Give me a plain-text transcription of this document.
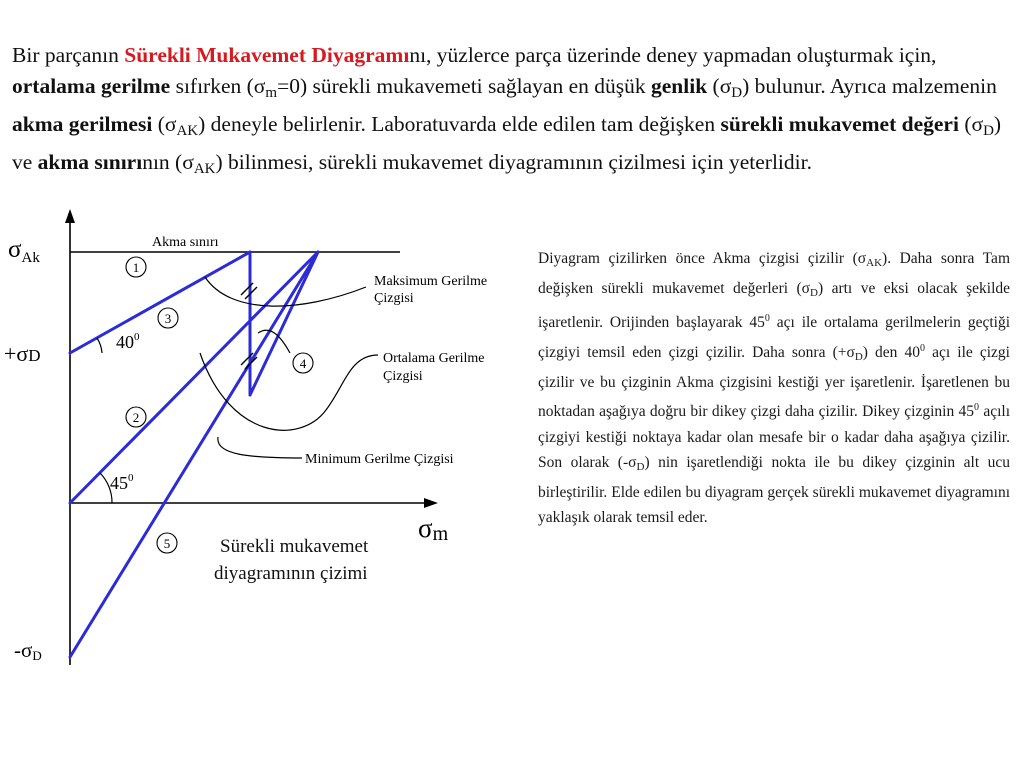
Bir parçanın Sürekli Mukavemet Diyagramını, yüzlerce parça üzerinde deney yapmadan oluşturmak için, ortalama gerilme sıfırken $(\sigma_m=0)$ sürekli mukavemeti sağlayan en düşük genlik $(\sigma_D)$ bulunur. Ayrıca malzemenin akma gerilmesi $(\sigma_{AK})$ deneyle belirlenir. Laboratuvarda elde edilen tam değişken sürekli mukavemet değeri $(\sigma_D)$ ve akma sınırının $(\sigma_{AK})$ bilinmesi, sürekli mukavemet diyagramının çizilmesi için yeterlidir.
1
3
2
4
5
$\sigma_{Ak}$
+σD
-σD
σm
$40^0$
$45^0$
Akma sınırı
Maksimum Gerilme
Çizgisi
Ortalama Gerilme
Çizgisi
Minimum Gerilme Çizgisi
Sürekli mukavemet
diyagramının çizimi
Diyagram çizilirken önce Akma çizgisi çizilir $(\sigma_{AK})$. Daha sonra Tam değişken sürekli mukavemet değerleri $(\sigma_D)$ artı ve eksi olacak şekilde işaretlenir. Orijinden başlayarak $45^0$ açı ile ortalama gerilmelerin geçtiği çizgiyi temsil eden çizgi çizilir. Daha sonra $(+\sigma_D)$ den $40^0$ açı ile çizgi çizilir ve bu çizginin Akma çizgisini kestiği yer işaretlenir. İşaretlenen bu noktadan aşağıya doğru bir dikey çizgi daha çizilir. Dikey çizginin $45^0$ açılı çizgiyi kestiği noktaya kadar olan mesafe bir o kadar daha aşağıya çizilir. Son olarak $(-\sigma_D)$ nin işaretlendiği nokta ile bu dikey çizginin alt ucu birleştirilir. Elde edilen bu diyagram gerçek sürekli mukavemet diyagramını yaklaşık olarak temsil eder.
